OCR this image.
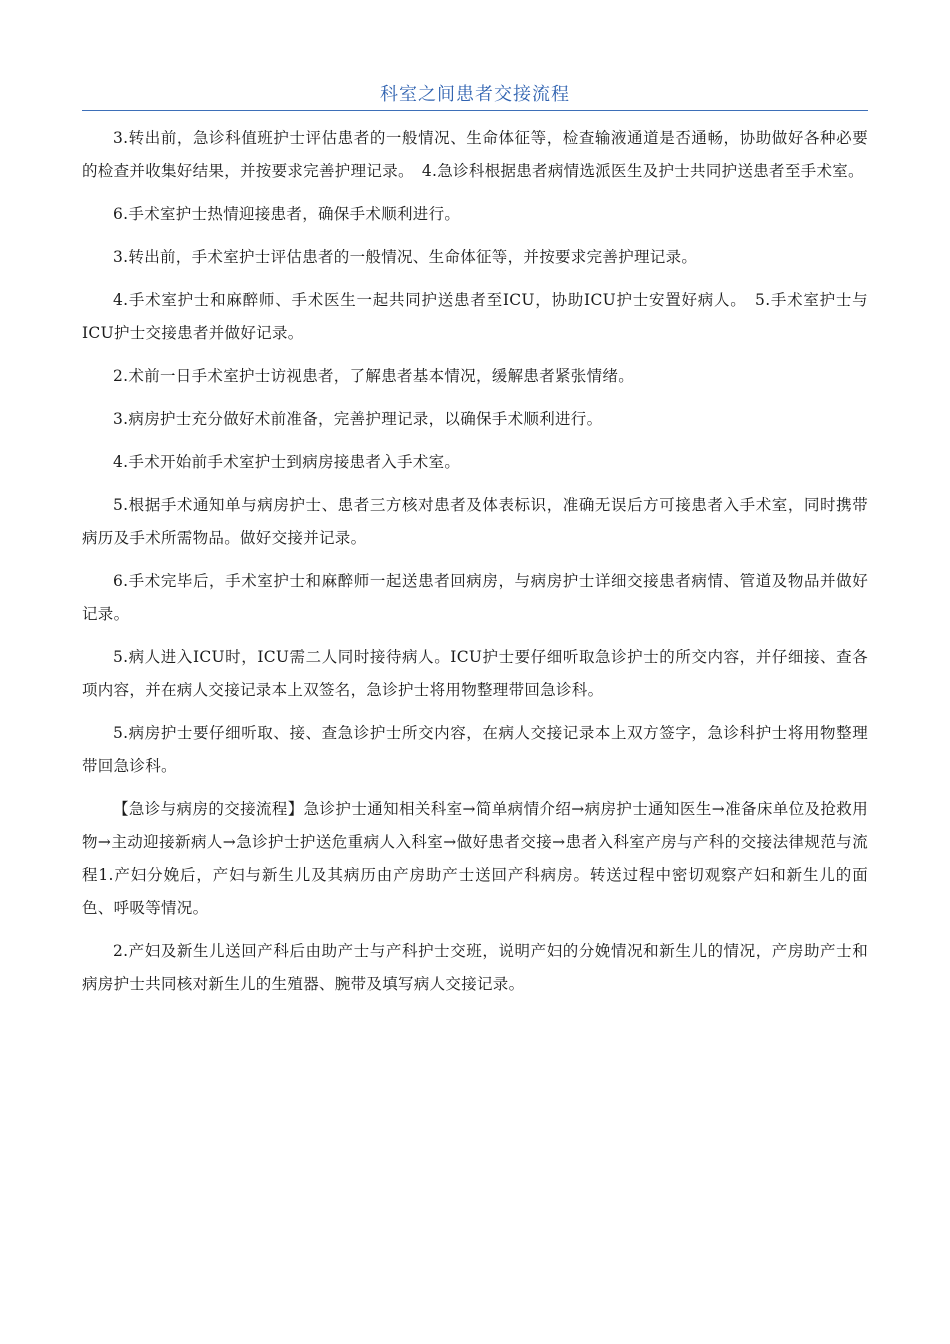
科室之间患者交接流程

3.转出前，急诊科值班护士评估患者的一般情况、生命体征等，检查输液通道是否通畅，协助做好各种必要的检查并收集好结果，并按要求完善护理记录。　4.急诊科根据患者病情选派医生及护士共同护送患者至手术室。

6.手术室护士热情迎接患者，确保手术顺利进行。

3.转出前，手术室护士评估患者的一般情况、生命体征等，并按要求完善护理记录。

4.手术室护士和麻醉师、手术医生一起共同护送患者至ICU，协助ICU护士安置好病人。　5.手术室护士与ICU护士交接患者并做好记录。

2.术前一日手术室护士访视患者，了解患者基本情况，缓解患者紧张情绪。

3.病房护士充分做好术前准备，完善护理记录，以确保手术顺利进行。

4.手术开始前手术室护士到病房接患者入手术室。

5.根据手术通知单与病房护士、患者三方核对患者及体表标识，准确无误后方可接患者入手术室，同时携带病历及手术所需物品。做好交接并记录。

6.手术完毕后，手术室护士和麻醉师一起送患者回病房，与病房护士详细交接患者病情、管道及物品并做好记录。

5.病人进入ICU时，ICU需二人同时接待病人。ICU护士要仔细听取急诊护士的所交内容，并仔细接、查各项内容，并在病人交接记录本上双签名，急诊护士将用物整理带回急诊科。

5.病房护士要仔细听取、接、查急诊护士所交内容，在病人交接记录本上双方签字，急诊科护士将用物整理带回急诊科。

【急诊与病房的交接流程】急诊护士通知相关科室→简单病情介绍→病房护士通知医生→准备床单位及抢救用物→主动迎接新病人→急诊护士护送危重病人入科室→做好患者交接→患者入科室产房与产科的交接法律规范与流程1.产妇分娩后，产妇与新生儿及其病历由产房助产士送回产科病房。转送过程中密切观察产妇和新生儿的面色、呼吸等情况。

2.产妇及新生儿送回产科后由助产士与产科护士交班，说明产妇的分娩情况和新生儿的情况，产房助产士和病房护士共同核对新生儿的生殖器、腕带及填写病人交接记录。
